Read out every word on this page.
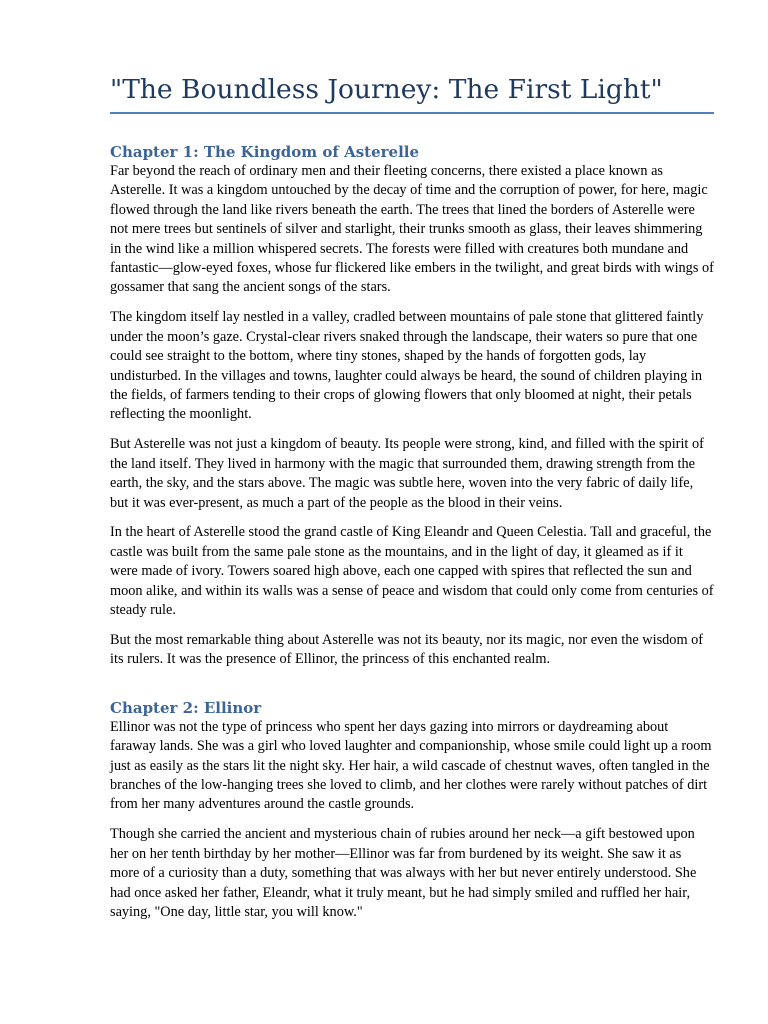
"The Boundless Journey: The First Light"
Chapter 1: The Kingdom of Asterelle

Far beyond the reach of ordinary men and their fleeting concerns, there existed a place known as Asterelle. It was a kingdom untouched by the decay of time and the corruption of power, for here, magic flowed through the land like rivers beneath the earth. The trees that lined the borders of Asterelle were not mere trees but sentinels of silver and starlight, their trunks smooth as glass, their leaves shimmering in the wind like a million whispered secrets. The forests were filled with creatures both mundane and fantastic—glow-eyed foxes, whose fur flickered like embers in the twilight, and great birds with wings of gossamer that sang the ancient songs of the stars.

The kingdom itself lay nestled in a valley, cradled between mountains of pale stone that glittered faintly under the moon’s gaze. Crystal-clear rivers snaked through the landscape, their waters so pure that one could see straight to the bottom, where tiny stones, shaped by the hands of forgotten gods, lay undisturbed. In the villages and towns, laughter could always be heard, the sound of children playing in the fields, of farmers tending to their crops of glowing flowers that only bloomed at night, their petals reflecting the moonlight.

But Asterelle was not just a kingdom of beauty. Its people were strong, kind, and filled with the spirit of the land itself. They lived in harmony with the magic that surrounded them, drawing strength from the earth, the sky, and the stars above. The magic was subtle here, woven into the very fabric of daily life, but it was ever-present, as much a part of the people as the blood in their veins.

In the heart of Asterelle stood the grand castle of King Eleandr and Queen Celestia. Tall and graceful, the castle was built from the same pale stone as the mountains, and in the light of day, it gleamed as if it were made of ivory. Towers soared high above, each one capped with spires that reflected the sun and moon alike, and within its walls was a sense of peace and wisdom that could only come from centuries of steady rule.

But the most remarkable thing about Asterelle was not its beauty, nor its magic, nor even the wisdom of its rulers. It was the presence of Ellinor, the princess of this enchanted realm.

Chapter 2: Ellinor

Ellinor was not the type of princess who spent her days gazing into mirrors or daydreaming about faraway lands. She was a girl who loved laughter and companionship, whose smile could light up a room just as easily as the stars lit the night sky. Her hair, a wild cascade of chestnut waves, often tangled in the branches of the low-hanging trees she loved to climb, and her clothes were rarely without patches of dirt from her many adventures around the castle grounds.

Though she carried the ancient and mysterious chain of rubies around her neck—a gift bestowed upon her on her tenth birthday by her mother—Ellinor was far from burdened by its weight. She saw it as more of a curiosity than a duty, something that was always with her but never entirely understood. She had once asked her father, Eleandr, what it truly meant, but he had simply smiled and ruffled her hair, saying, "One day, little star, you will know."
